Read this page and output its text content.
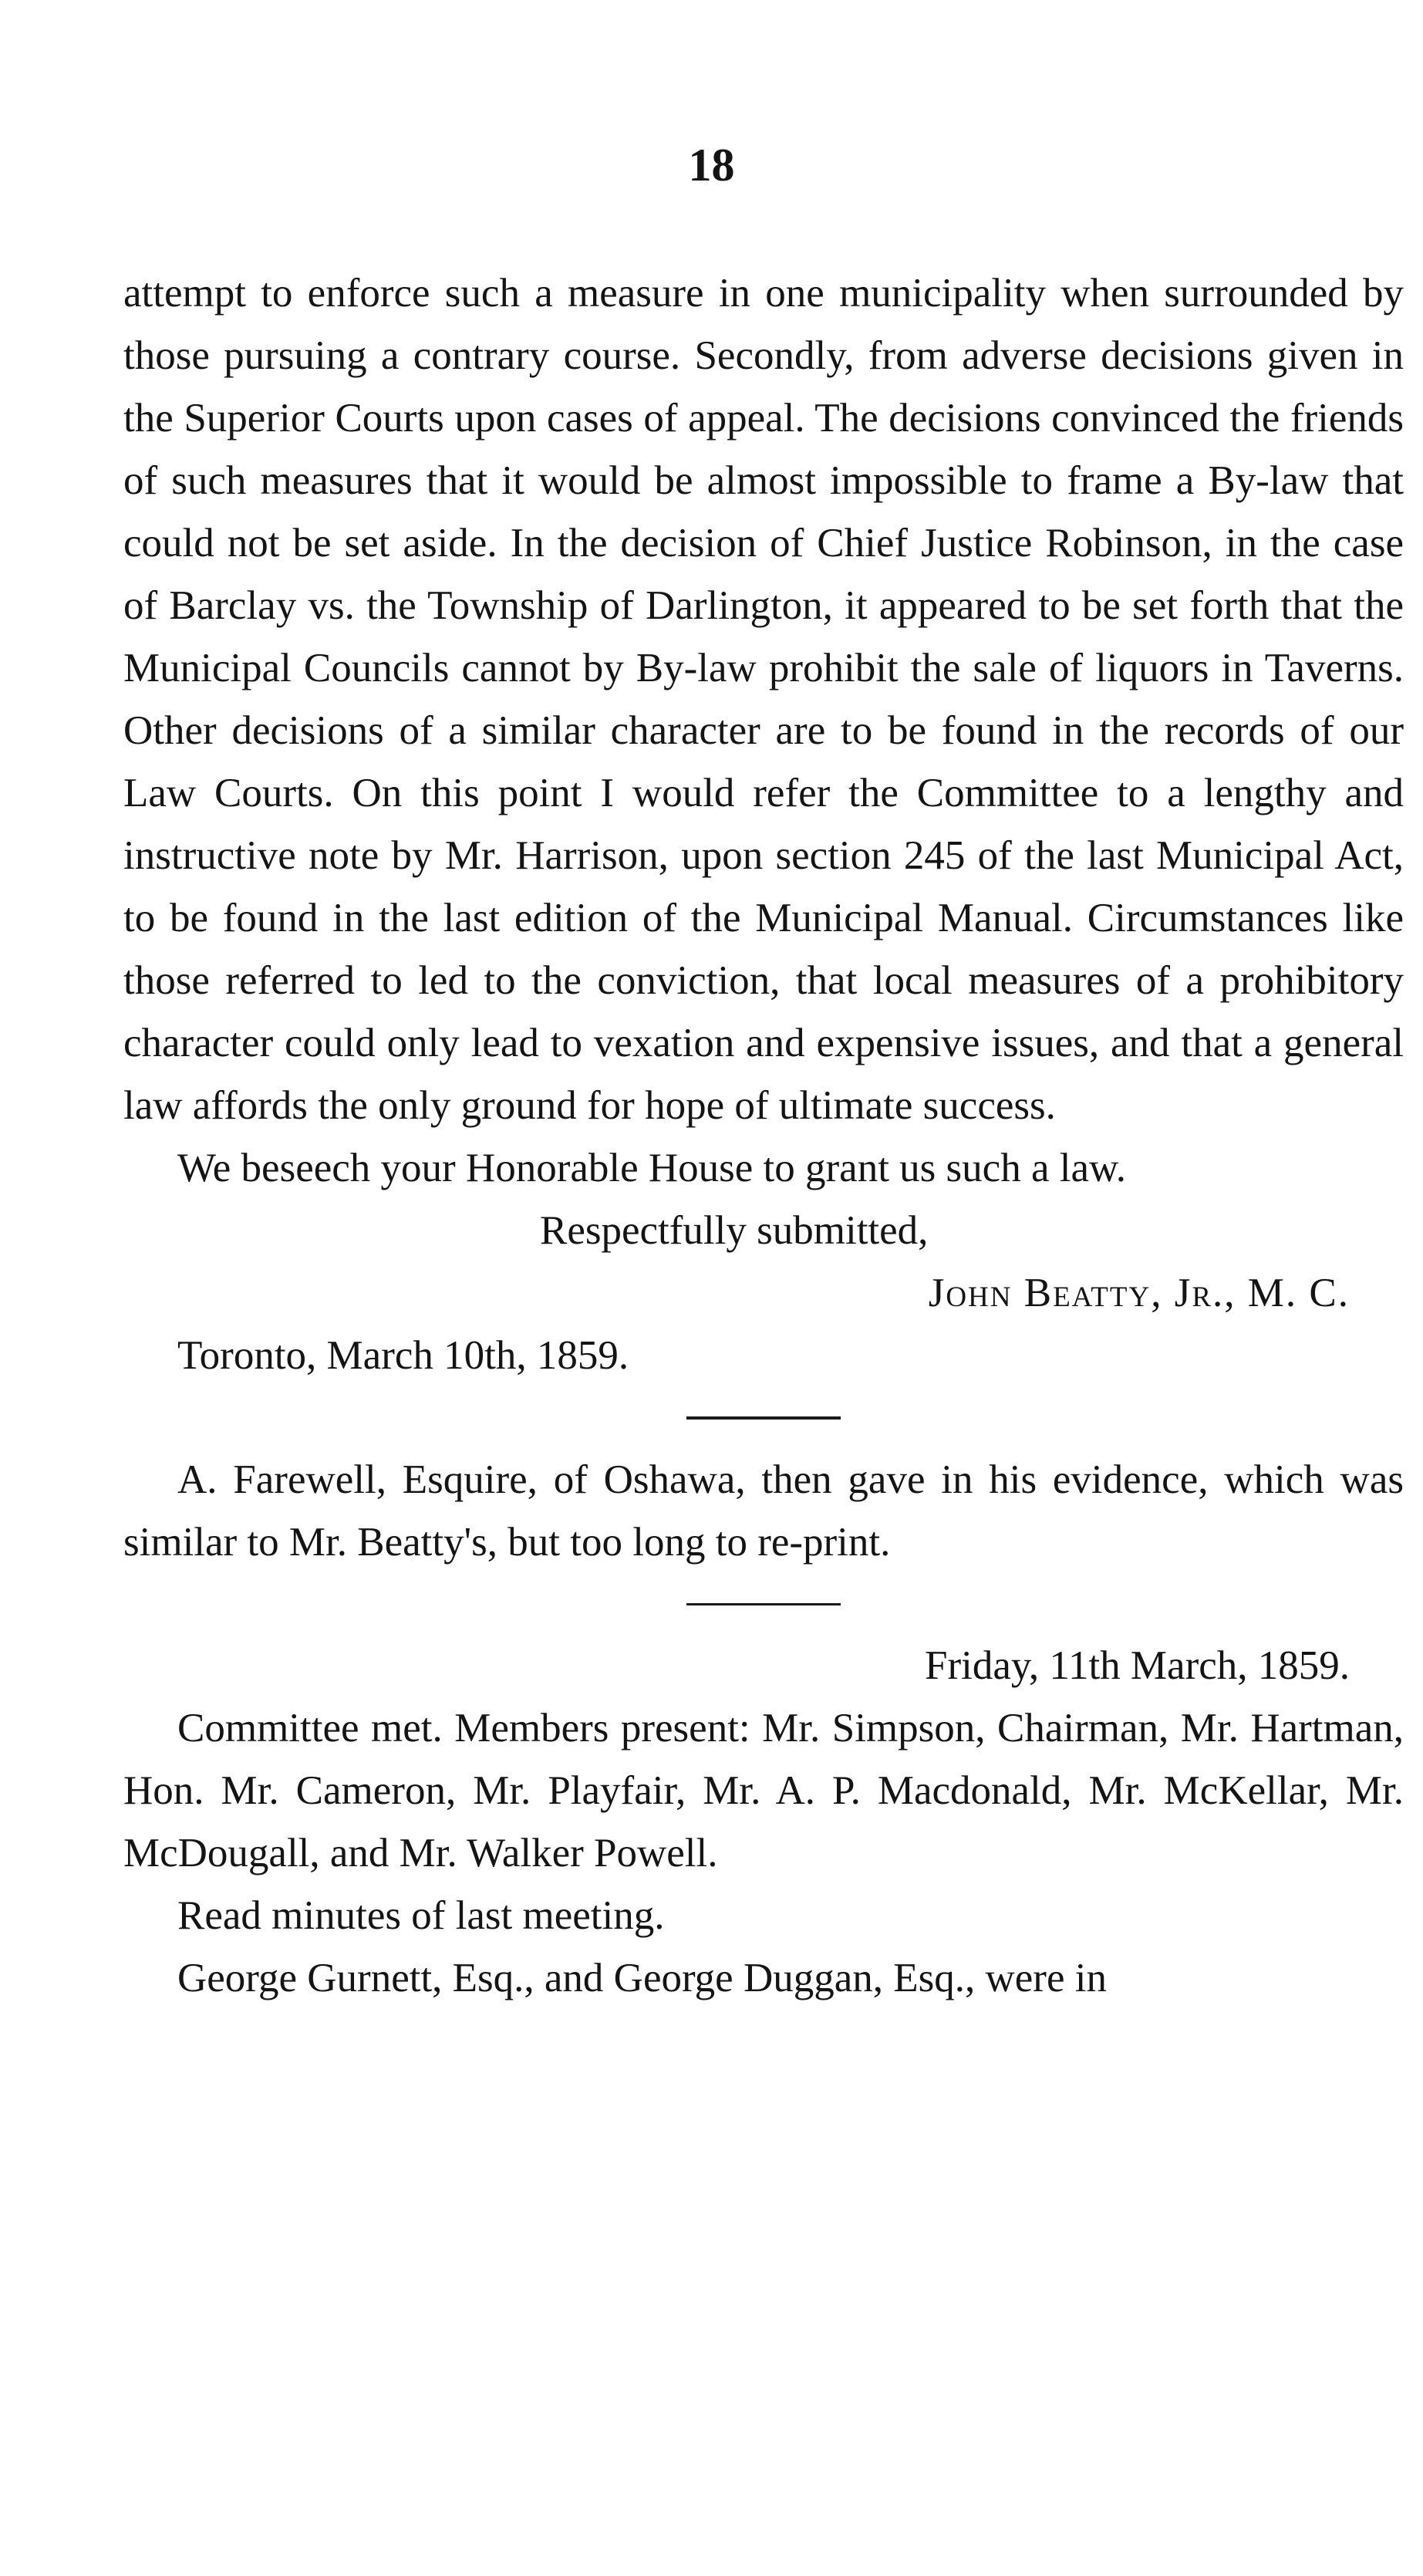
18

attempt to enforce such a measure in one municipality when surrounded by those pursuing a contrary course. Secondly, from adverse decisions given in the Superior Courts upon cases of appeal. The decisions convinced the friends of such measures that it would be almost impossible to frame a By-law that could not be set aside. In the decision of Chief Justice Robinson, in the case of Barclay vs. the Township of Darlington, it appeared to be set forth that the Municipal Councils cannot by By-law prohibit the sale of liquors in Taverns. Other decisions of a similar character are to be found in the records of our Law Courts. On this point I would refer the Committee to a lengthy and instructive note by Mr. Harrison, upon section 245 of the last Municipal Act, to be found in the last edition of the Municipal Manual. Circumstances like those referred to led to the conviction, that local measures of a prohibitory character could only lead to vexation and expensive issues, and that a general law affords the only ground for hope of ultimate success.

We beseech your Honorable House to grant us such a law.

Respectfully submitted,

John Beatty, Jr., M. C.

Toronto, March 10th, 1859.

A. Farewell, Esquire, of Oshawa, then gave in his evidence, which was similar to Mr. Beatty's, but too long to re-print.

Friday, 11th March, 1859.

Committee met. Members present: Mr. Simpson, Chairman, Mr. Hartman, Hon. Mr. Cameron, Mr. Playfair, Mr. A. P. Macdonald, Mr. McKellar, Mr. McDougall, and Mr. Walker Powell.

Read minutes of last meeting.

George Gurnett, Esq., and George Duggan, Esq., were in
